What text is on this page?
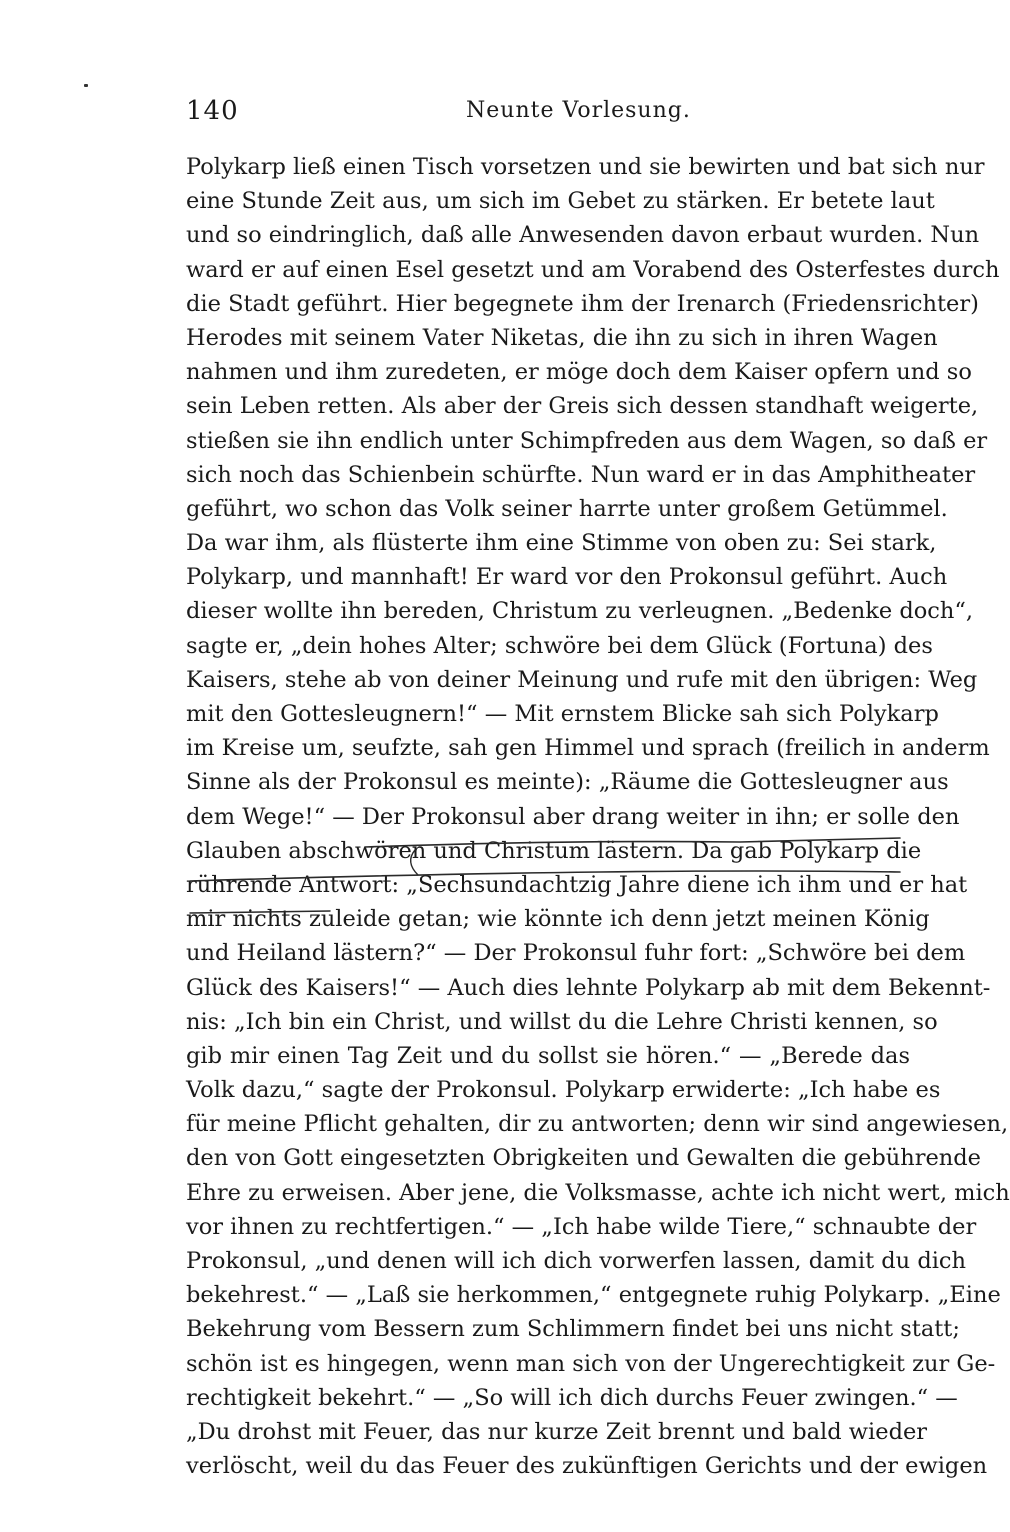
140	Neunte Vorlesung.
Polykarp ließ einen Tisch vorsetzen und sie bewirten und bat sich nur
eine Stunde Zeit aus, um sich im Gebet zu stärken. Er betete laut
und so eindringlich, daß alle Anwesenden davon erbaut wurden. Nun
ward er auf einen Esel gesetzt und am Vorabend des Osterfestes durch
die Stadt geführt. Hier begegnete ihm der Irenarch (Friedensrichter)
Herodes mit seinem Vater Niketas, die ihn zu sich in ihren Wagen
nahmen und ihm zuredeten, er möge doch dem Kaiser opfern und so
sein Leben retten. Als aber der Greis sich dessen standhaft weigerte,
stießen sie ihn endlich unter Schimpfreden aus dem Wagen, so daß er
sich noch das Schienbein schürfte. Nun ward er in das Amphitheater
geführt, wo schon das Volk seiner harrte unter großem Getümmel.
Da war ihm, als flüsterte ihm eine Stimme von oben zu: Sei stark,
Polykarp, und mannhaft! Er ward vor den Prokonsul geführt. Auch
dieser wollte ihn bereden, Christum zu verleugnen. „Bedenke doch“,
sagte er, „dein hohes Alter; schwöre bei dem Glück (Fortuna) des
Kaisers, stehe ab von deiner Meinung und rufe mit den übrigen: Weg
mit den Gottesleugnern!“ — Mit ernstem Blicke sah sich Polykarp
im Kreise um, seufzte, sah gen Himmel und sprach (freilich in anderm
Sinne als der Prokonsul es meinte): „Räume die Gottesleugner aus
dem Wege!“ — Der Prokonsul aber drang weiter in ihn; er solle den
Glauben abschwören und Christum lästern. Da gab Polykarp die
rührende Antwort: „Sechsundachtzig Jahre diene ich ihm und er hat
mir nichts zuleide getan; wie könnte ich denn jetzt meinen König
und Heiland lästern?“ — Der Prokonsul fuhr fort: „Schwöre bei dem
Glück des Kaisers!“ — Auch dies lehnte Polykarp ab mit dem Bekennt-
nis: „Ich bin ein Christ, und willst du die Lehre Christi kennen, so
gib mir einen Tag Zeit und du sollst sie hören.“ — „Berede das
Volk dazu,“ sagte der Prokonsul. Polykarp erwiderte: „Ich habe es
für meine Pflicht gehalten, dir zu antworten; denn wir sind angewiesen,
den von Gott eingesetzten Obrigkeiten und Gewalten die gebührende
Ehre zu erweisen. Aber jene, die Volksmasse, achte ich nicht wert, mich
vor ihnen zu rechtfertigen.“ — „Ich habe wilde Tiere,“ schnaubte der
Prokonsul, „und denen will ich dich vorwerfen lassen, damit du dich
bekehrest.“ — „Laß sie herkommen,“ entgegnete ruhig Polykarp. „Eine
Bekehrung vom Bessern zum Schlimmern findet bei uns nicht statt;
schön ist es hingegen, wenn man sich von der Ungerechtigkeit zur Ge-
rechtigkeit bekehrt.“ — „So will ich dich durchs Feuer zwingen.“ —
„Du drohst mit Feuer, das nur kurze Zeit brennt und bald wieder
verlöscht, weil du das Feuer des zukünftigen Gerichts und der ewigen
